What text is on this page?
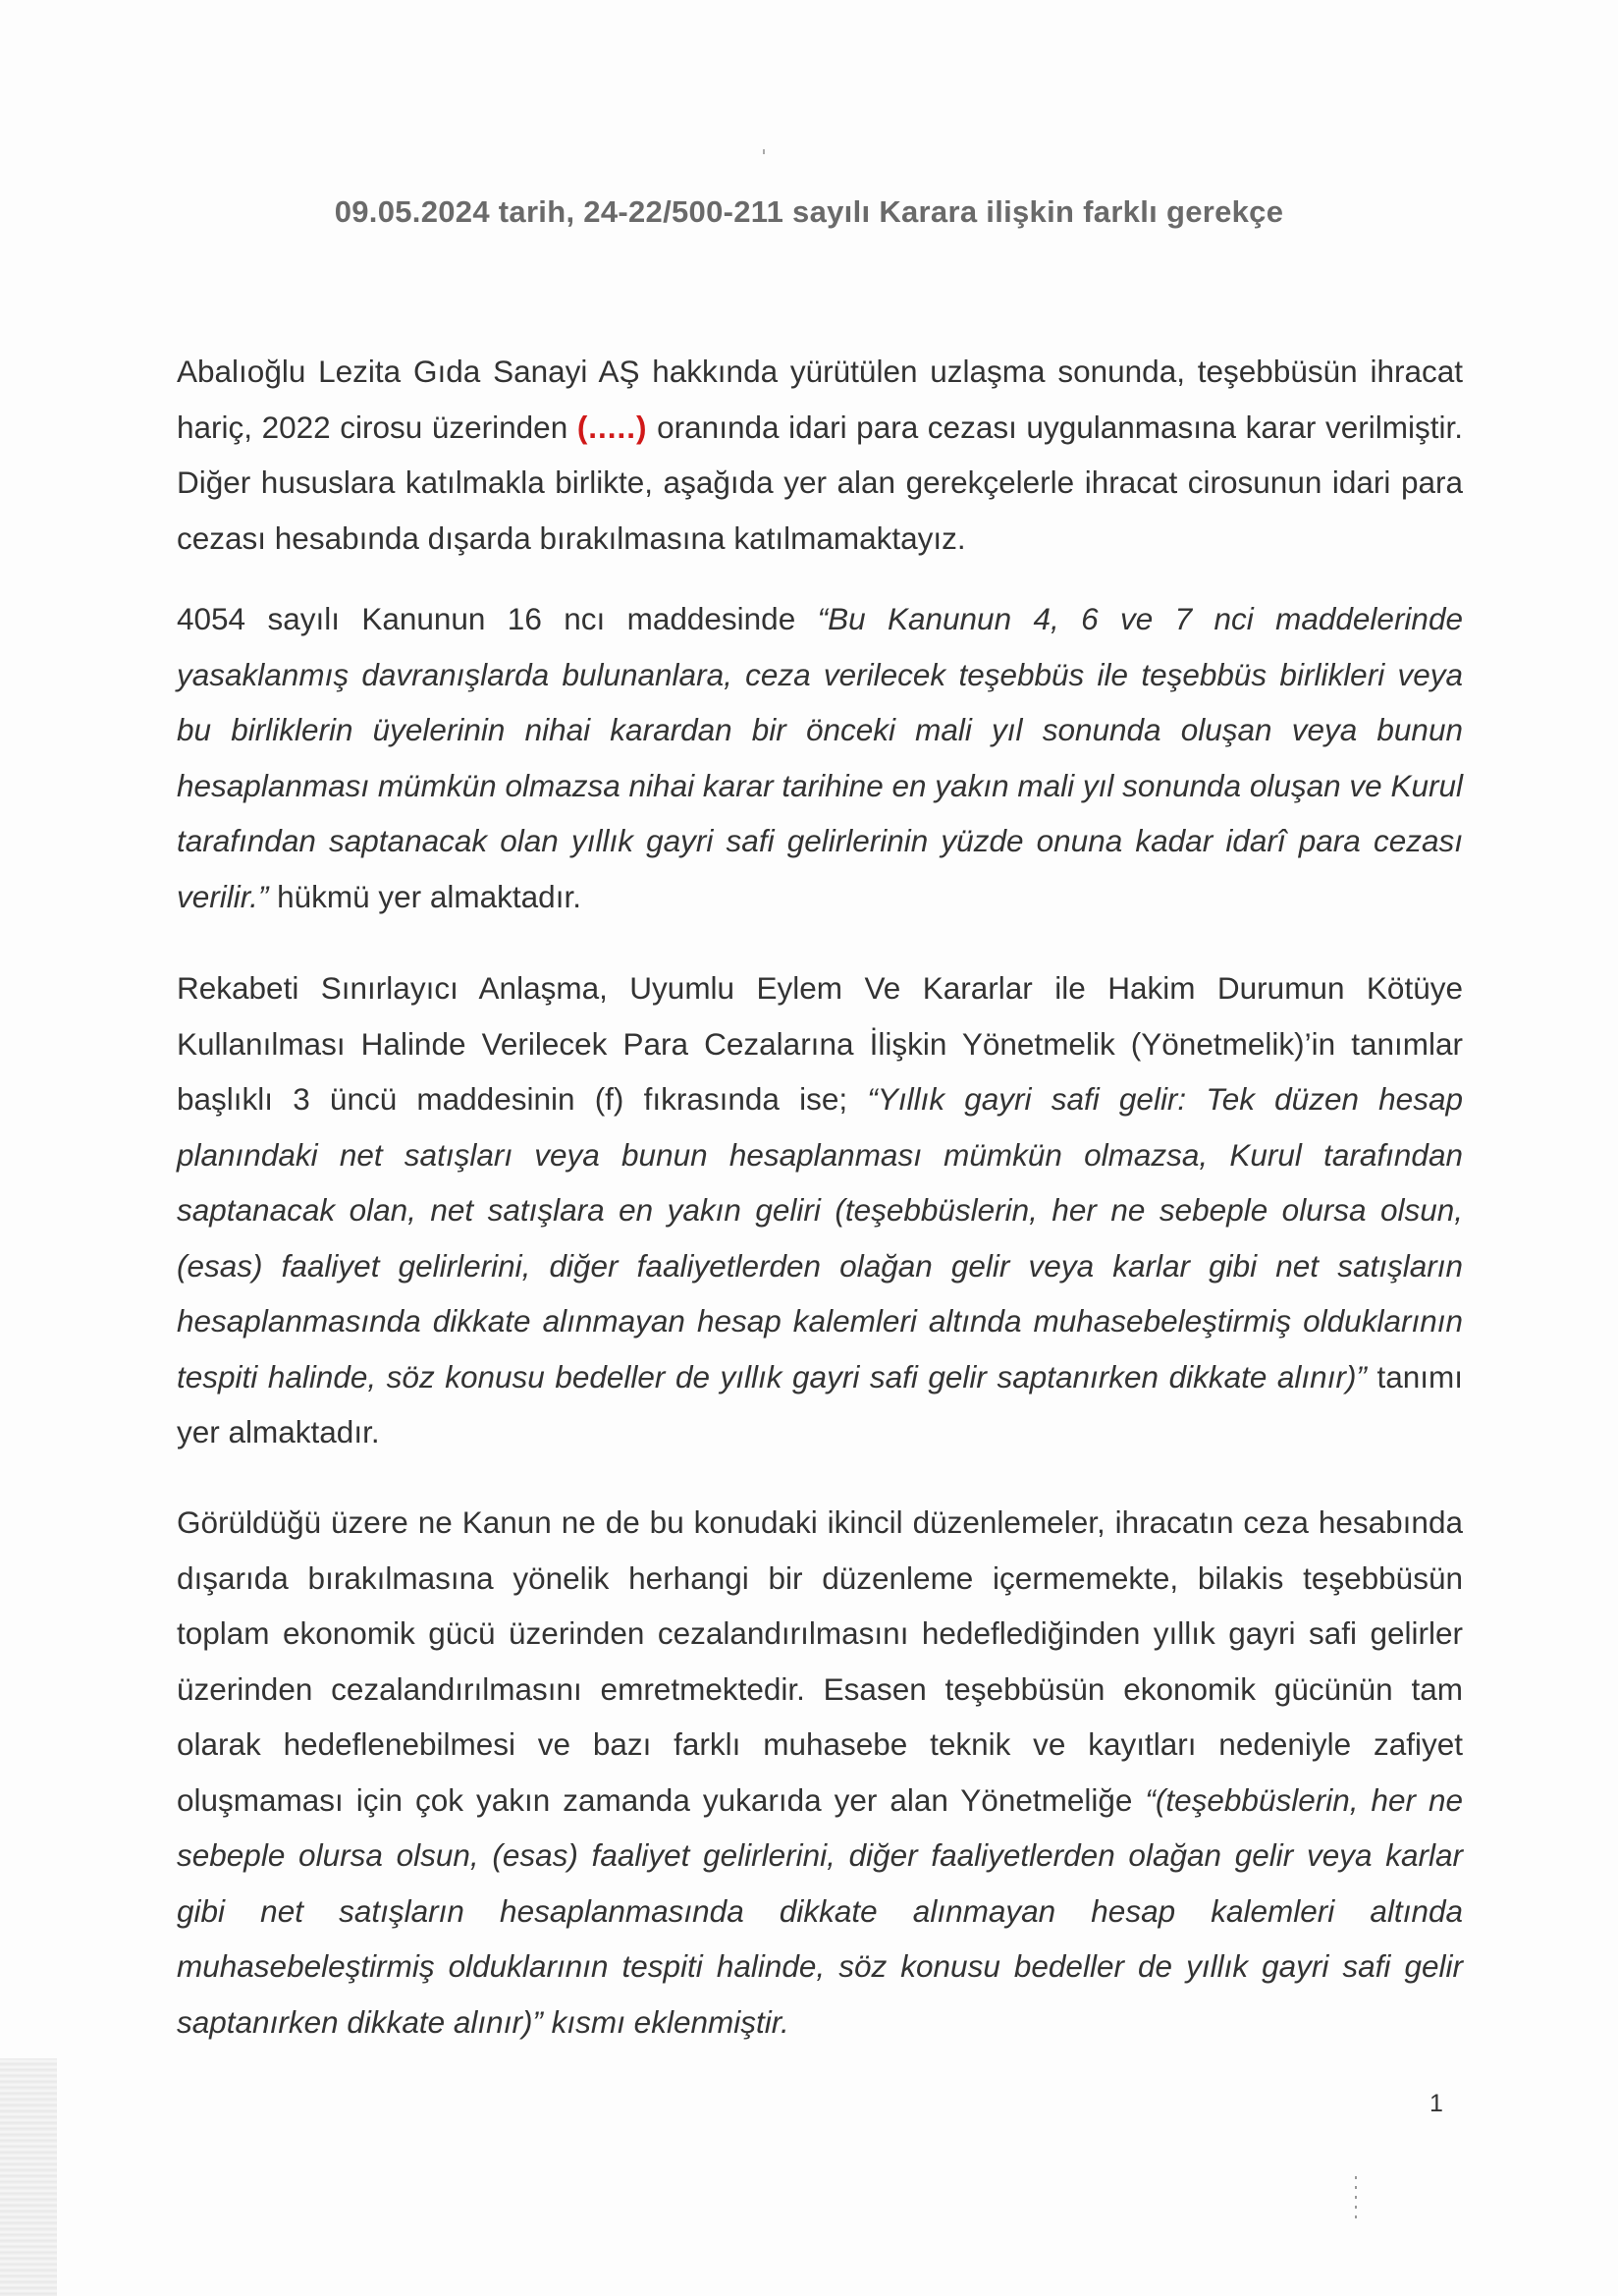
09.05.2024 tarih, 24-22/500-211 sayılı Karara ilişkin farklı gerekçe

Abalıoğlu Lezita Gıda Sanayi AŞ hakkında yürütülen uzlaşma sonunda, teşebbüsün ihracat hariç, 2022 cirosu üzerinden (.....) oranında idari para cezası uygulanmasına karar verilmiştir. Diğer hususlara katılmakla birlikte, aşağıda yer alan gerekçelerle ihracat cirosunun idari para cezası hesabında dışarda bırakılmasına katılmamaktayız.

4054 sayılı Kanunun 16 ncı maddesinde “Bu Kanunun 4, 6 ve 7 nci maddelerinde yasaklanmış davranışlarda bulunanlara, ceza verilecek teşebbüs ile teşebbüs birlikleri veya bu birliklerin üyelerinin nihai karardan bir önceki mali yıl sonunda oluşan veya bunun hesaplanması mümkün olmazsa nihai karar tarihine en yakın mali yıl sonunda oluşan ve Kurul tarafından saptanacak olan yıllık gayri safi gelirlerinin yüzde onuna kadar idarî para cezası verilir.” hükmü yer almaktadır.

Rekabeti Sınırlayıcı Anlaşma, Uyumlu Eylem Ve Kararlar ile Hakim Durumun Kötüye Kullanılması Halinde Verilecek Para Cezalarına İlişkin Yönetmelik (Yönetmelik)’in tanımlar başlıklı 3 üncü maddesinin (f) fıkrasında ise; “Yıllık gayri safi gelir: Tek düzen hesap planındaki net satışları veya bunun hesaplanması mümkün olmazsa, Kurul tarafından saptanacak olan, net satışlara en yakın geliri (teşebbüslerin, her ne sebeple olursa olsun, (esas) faaliyet gelirlerini, diğer faaliyetlerden olağan gelir veya karlar gibi net satışların hesaplanmasında dikkate alınmayan hesap kalemleri altında muhasebeleştirmiş olduklarının tespiti halinde, söz konusu bedeller de yıllık gayri safi gelir saptanırken dikkate alınır)” tanımı yer almaktadır.

Görüldüğü üzere ne Kanun ne de bu konudaki ikincil düzenlemeler, ihracatın ceza hesabında dışarıda bırakılmasına yönelik herhangi bir düzenleme içermemekte, bilakis teşebbüsün toplam ekonomik gücü üzerinden cezalandırılmasını hedeflediğinden yıllık gayri safi gelirler üzerinden cezalandırılmasını emretmektedir. Esasen teşebbüsün ekonomik gücünün tam olarak hedeflenebilmesi ve bazı farklı muhasebe teknik ve kayıtları nedeniyle zafiyet oluşmaması için çok yakın zamanda yukarıda yer alan Yönetmeliğe “(teşebbüslerin, her ne sebeple olursa olsun, (esas) faaliyet gelirlerini, diğer faaliyetlerden olağan gelir veya karlar gibi net satışların hesaplanmasında dikkate alınmayan hesap kalemleri altında muhasebeleştirmiş olduklarının tespiti halinde, söz konusu bedeller de yıllık gayri safi gelir saptanırken dikkate alınır)” kısmı eklenmiştir.

1
